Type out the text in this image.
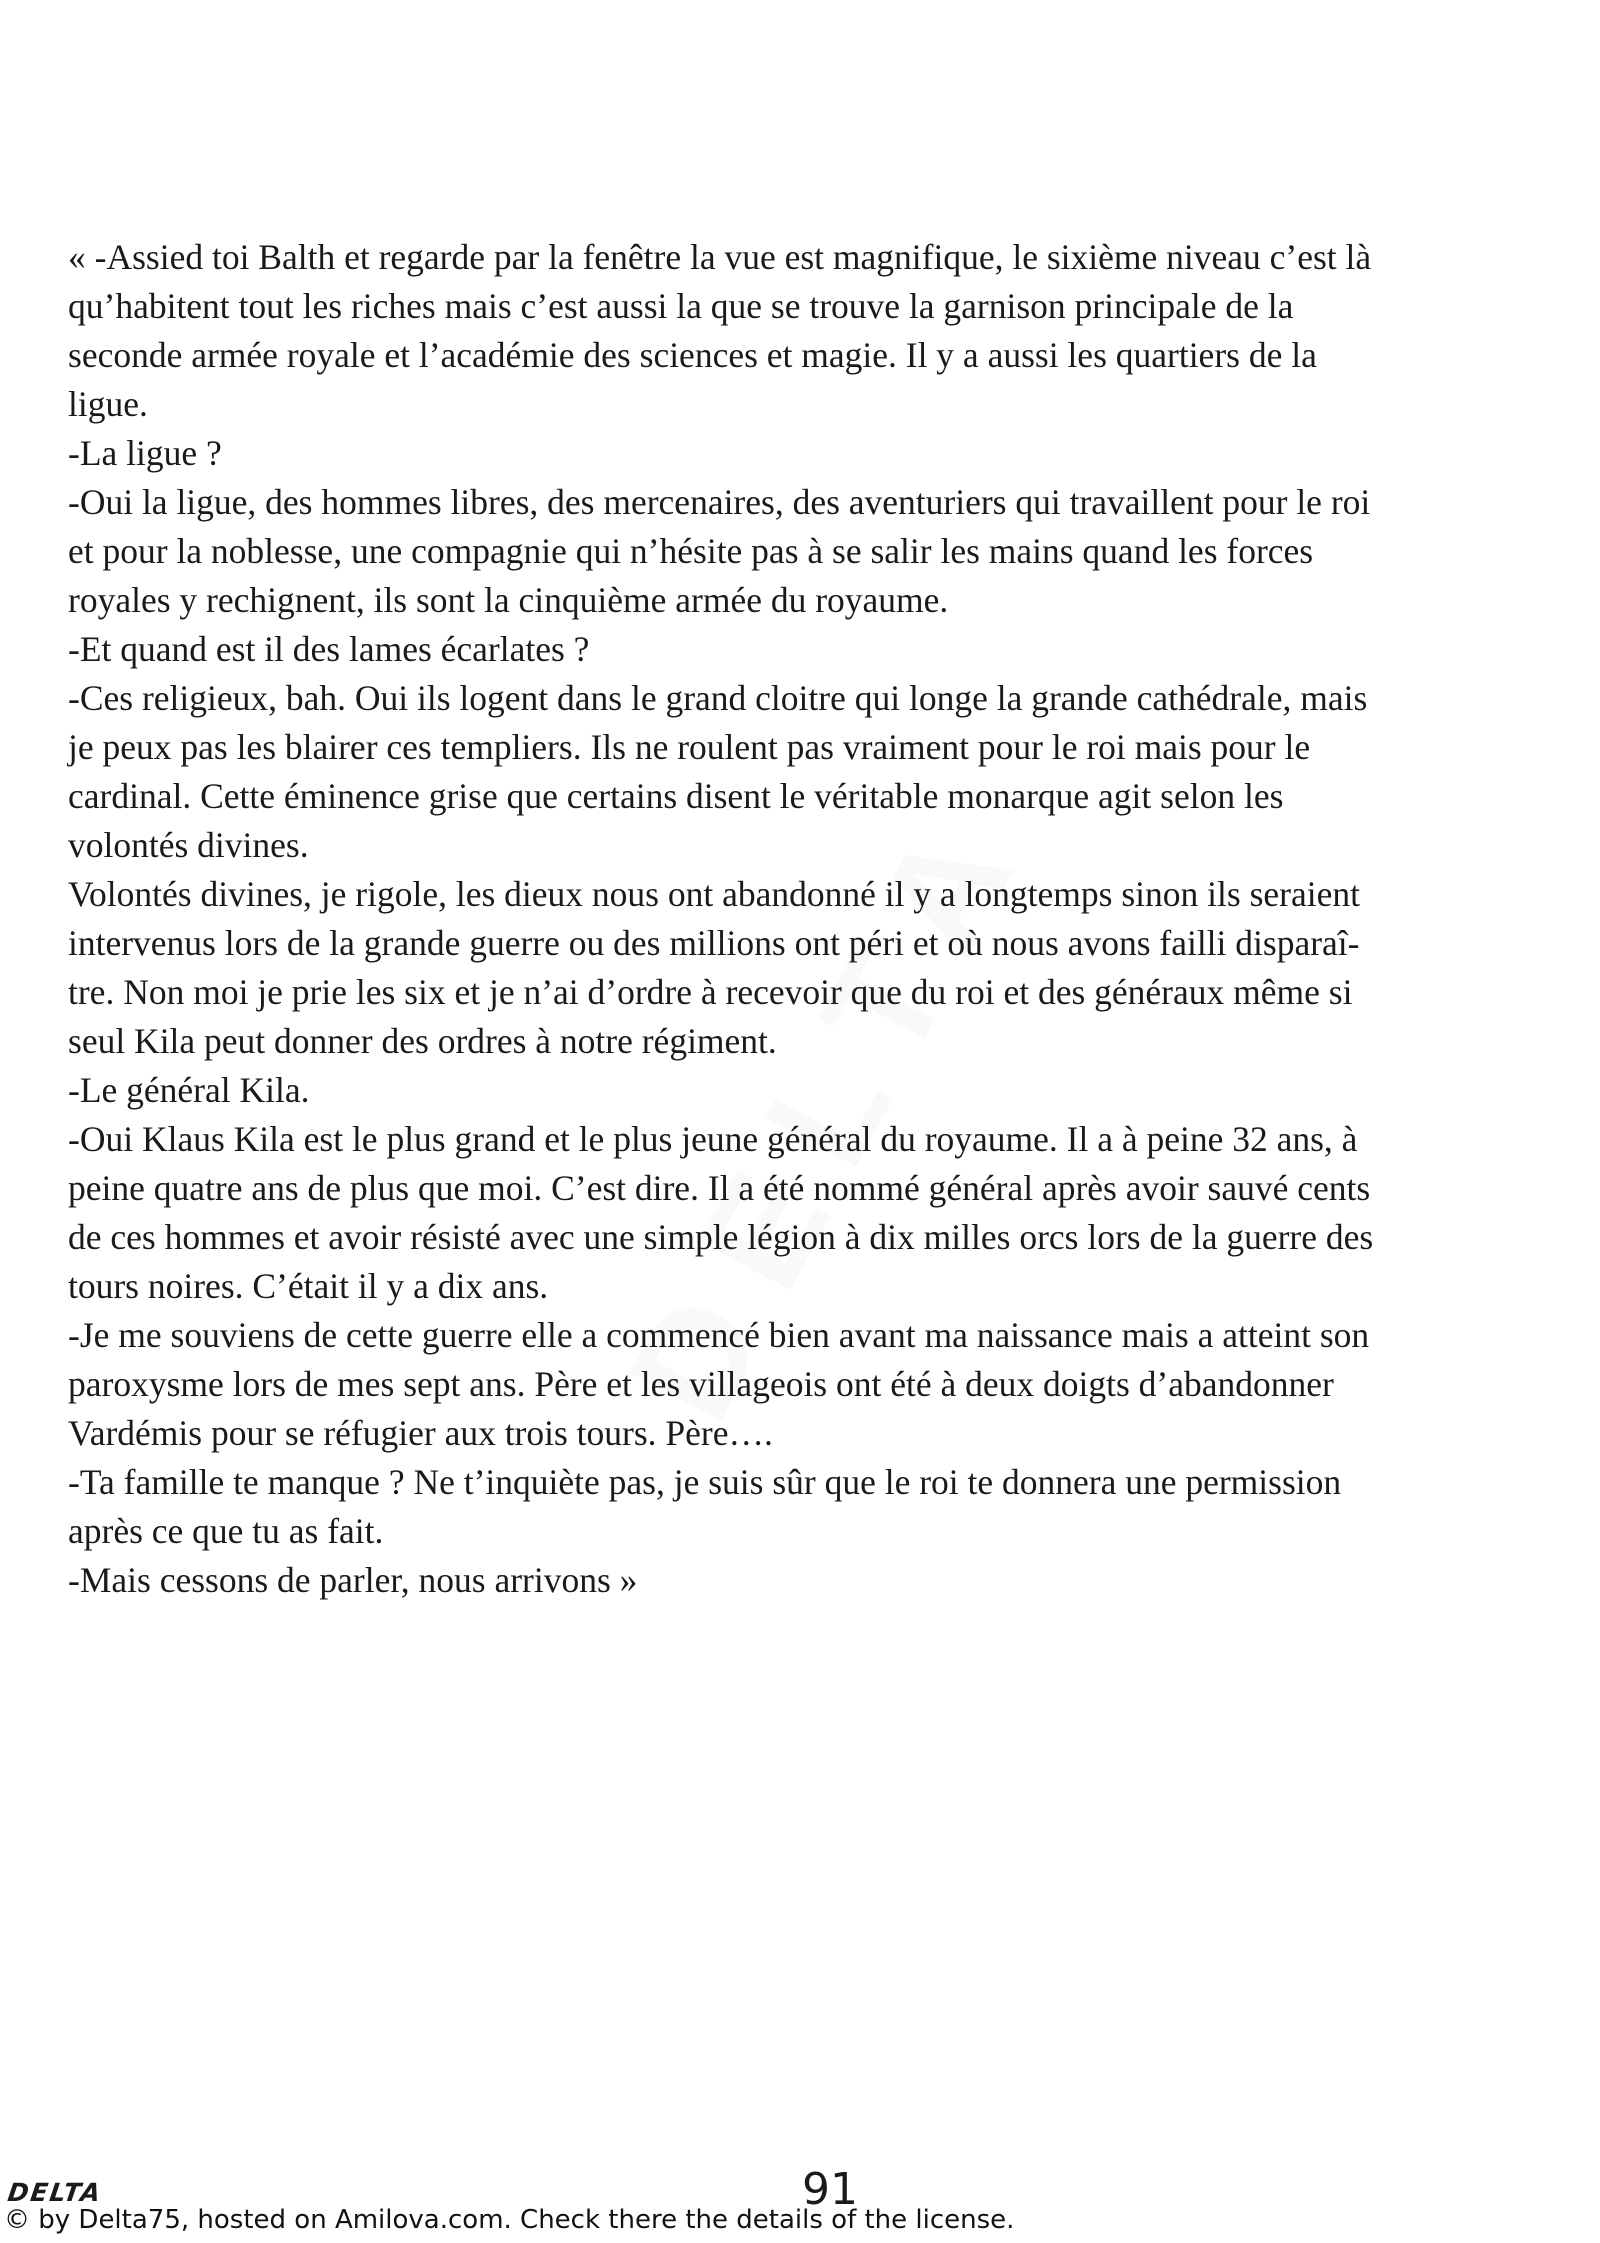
« -Assied toi Balth et regarde par la fenêtre la vue est magnifique, le sixième niveau c’est là
qu’habitent tout les riches mais c’est aussi la que se trouve la garnison principale de la
seconde armée royale et l’académie des sciences et magie. Il y a aussi les quartiers de la
ligue.
-La ligue ?
-Oui la ligue, des hommes libres, des mercenaires, des aventuriers qui travaillent pour le roi
et pour la noblesse, une compagnie qui n’hésite pas à se salir les mains quand les forces
royales y rechignent, ils sont la cinquième armée du royaume.
-Et quand est il des lames écarlates ?
-Ces religieux, bah. Oui ils logent dans le grand cloitre qui longe la grande cathédrale, mais
je peux pas les blairer ces templiers. Ils ne roulent pas vraiment pour le roi mais pour le
cardinal. Cette éminence grise que certains disent le véritable monarque agit selon les
volontés divines.
Volontés divines, je rigole, les dieux nous ont abandonné il y a longtemps sinon ils seraient
intervenus lors de la grande guerre ou des millions ont péri et où nous avons failli disparaî-
tre. Non moi je prie les six et je n’ai d’ordre à recevoir que du roi et des généraux même si
seul Kila peut donner des ordres à notre régiment.
-Le général Kila.
-Oui Klaus Kila est le plus grand et le plus jeune général du royaume. Il a à peine 32 ans, à
peine quatre ans de plus que moi. C’est dire. Il a été nommé général après avoir sauvé cents
de ces hommes et avoir résisté avec une simple légion à dix milles orcs lors de la guerre des
tours noires. C’était il y a dix ans.
-Je me souviens de cette guerre elle a commencé bien avant ma naissance mais a atteint son
paroxysme lors de mes sept ans. Père et les villageois ont été à deux doigts d’abandonner
Vardémis pour se réfugier aux trois tours. Père….
-Ta famille te manque ? Ne t’inquiète pas, je suis sûr que le roi te donnera une permission
après ce que tu as fait.
-Mais cessons de parler, nous arrivons »
DELTA	91
© by Delta75, hosted on Amilova.com. Check there the details of the license.
